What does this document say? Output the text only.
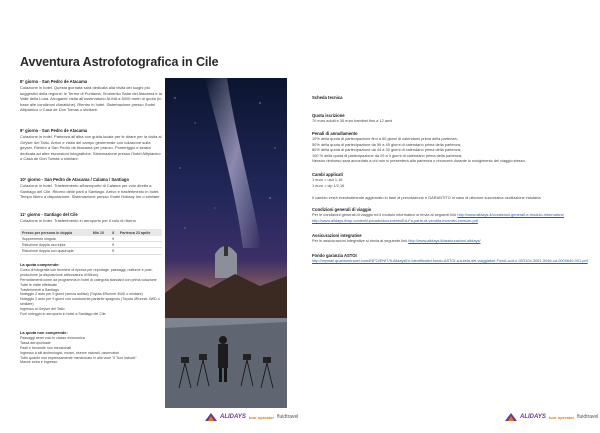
Avventura Astrofotografica in Cile
8° giorno - San Pedro de Atacama

Colazione in hotel. Questa giornata sarà dedicata alla visita dei luoghi più suggestivi della regione: le Terme di Puritama, l'immenso Salar del Atacama e la Valle della Luna. Arrogante visita all'osservatorio ALMA a 5000 metri di quota (in base alle condizioni climatiche). Rientro in hotel. Sistemazione presso l'hotel Altiplanico o Casa de Don Tomas o similare.

9° giorno - San Pedro de Atacama

Colazione in hotel. Partenza all'alba con guida locale per le dirare per la visita ai Geyser del Tatio. Arrivo e visita del campo geotermale con colazione sulla geyser. Rientro a San Pedro de Atacama per pranzo. Pomeriggio e serata dedicata ad altre escursioni fotografiche. Sistemazione presso l'hotel Altiplanico o Casa de Don Tomas o similare.

10° giorno - San Pedro de Atacama / Calama / Santiago

Colazione in hotel. Trasferimento all'aeroporto di Calama per volo diretto a Santiago del Cile. Ritorno delle parti a Santiago. Arrivo e trasferimento in hotel. Tempo libero a disposizione. Sistemazione presso l'hotel Holiday Inn o similare.

11° giorno - Santiago del Cile

Colazione in hotel. Trasferimento in aeroporto per il volo di ritorno

Prezzo per persona in doppia	Min 10	8	Partenza 23 aprile
Supplemento singola		€	
Riduzione doppia uso tripla		€	
Riduzione doppia con quadrupla		€	
La quota comprende:
Corso di fotografia con tecniche di ripresa per reportage, paesaggi, notturne e post-produzione (a disposizione attrezzatura di Nikon).
Pernottamenti come da programma in hotel di categoria standard con prima colazione
Tutte le visite effettuate
Trasferimenti a Santiago
Noleggio 2 auto per 9 giorni (senza autista) (Toyota 4Runner 4WD o similare)
Noleggio 2 auto per 9 giorni con conducente parlante spagnolo (Toyota 4Runner 4WD o similare)
Ingresso ai Geyser del Tatio
Fuel noleggio in aeroporto in hotel a Santiago del Cile
La quota non comprende:
Passaggi aerei volo in classe economica
Tassa aeroportuale
Pasti e bevande non menzionati
Ingresso a siti archeologici, musei, riserve naturali, osservatori
Tutto quanto non espressamente menzionato in alla voce "il Tour include"
Mance extra e ingresso
ALIDAYS tour operator fluidtravel
Scheda tecnica
Quota iscrizione
70 euro adulti e 35 euro bambini fino a 12 anni
Penali di annullamento
10% della quota di partecipazione fino a 60 giorni di calendario prima della partenza;
50% della quota di partecipazione da 59 a 45 giorni di calendario prima della partenza;
80% della quota di partecipazione da 44 a 30 giorni di calendario prima della partenza;
100 % della quota di partecipazione da 29 a 0 giorni di calendario prima della partenza;
Nessun rimborso sarà accordato a chi non si presenterà alla partenza o rinuncerà durante lo svolgimento del viaggio stesso.
Cambi applicati
1 euro = usd 1,16
1 euro = clp 1/2,16
Il cambio verrà eventualmente aggiornato in fase di prenotazione e GARANTITO in caso di ulteriore successiva oscillazione valutaria
Condizioni generali di viaggio
Per le condizioni generali di viaggio ed il modulo informativo si rinvia ai seguenti link http://www.alidays.it/condizioni-generali-e-modulo-informativo/ http://www.alidays.it/wp-content/uploads/documents/Ed-Fa-parte-di-vendita-incentivi-consum.pdf
Assicurazioni integrative
Per le assicurazioni integrative si rinvia al seguente link http://www.alidays.it/assicurazioni-alidays/
Fondo garanzia ASTOI
http://mymail.quantumtravel.com/INFO/ENIT/fi-AlidaysEn-identificativi-fondo-ASTOI-a-tutela-dei-viaggiatori-Fondi-cod-n-003104-3061-5046-cd-0000640-001.pdf
ALIDAYS tour operator fluidtravel
